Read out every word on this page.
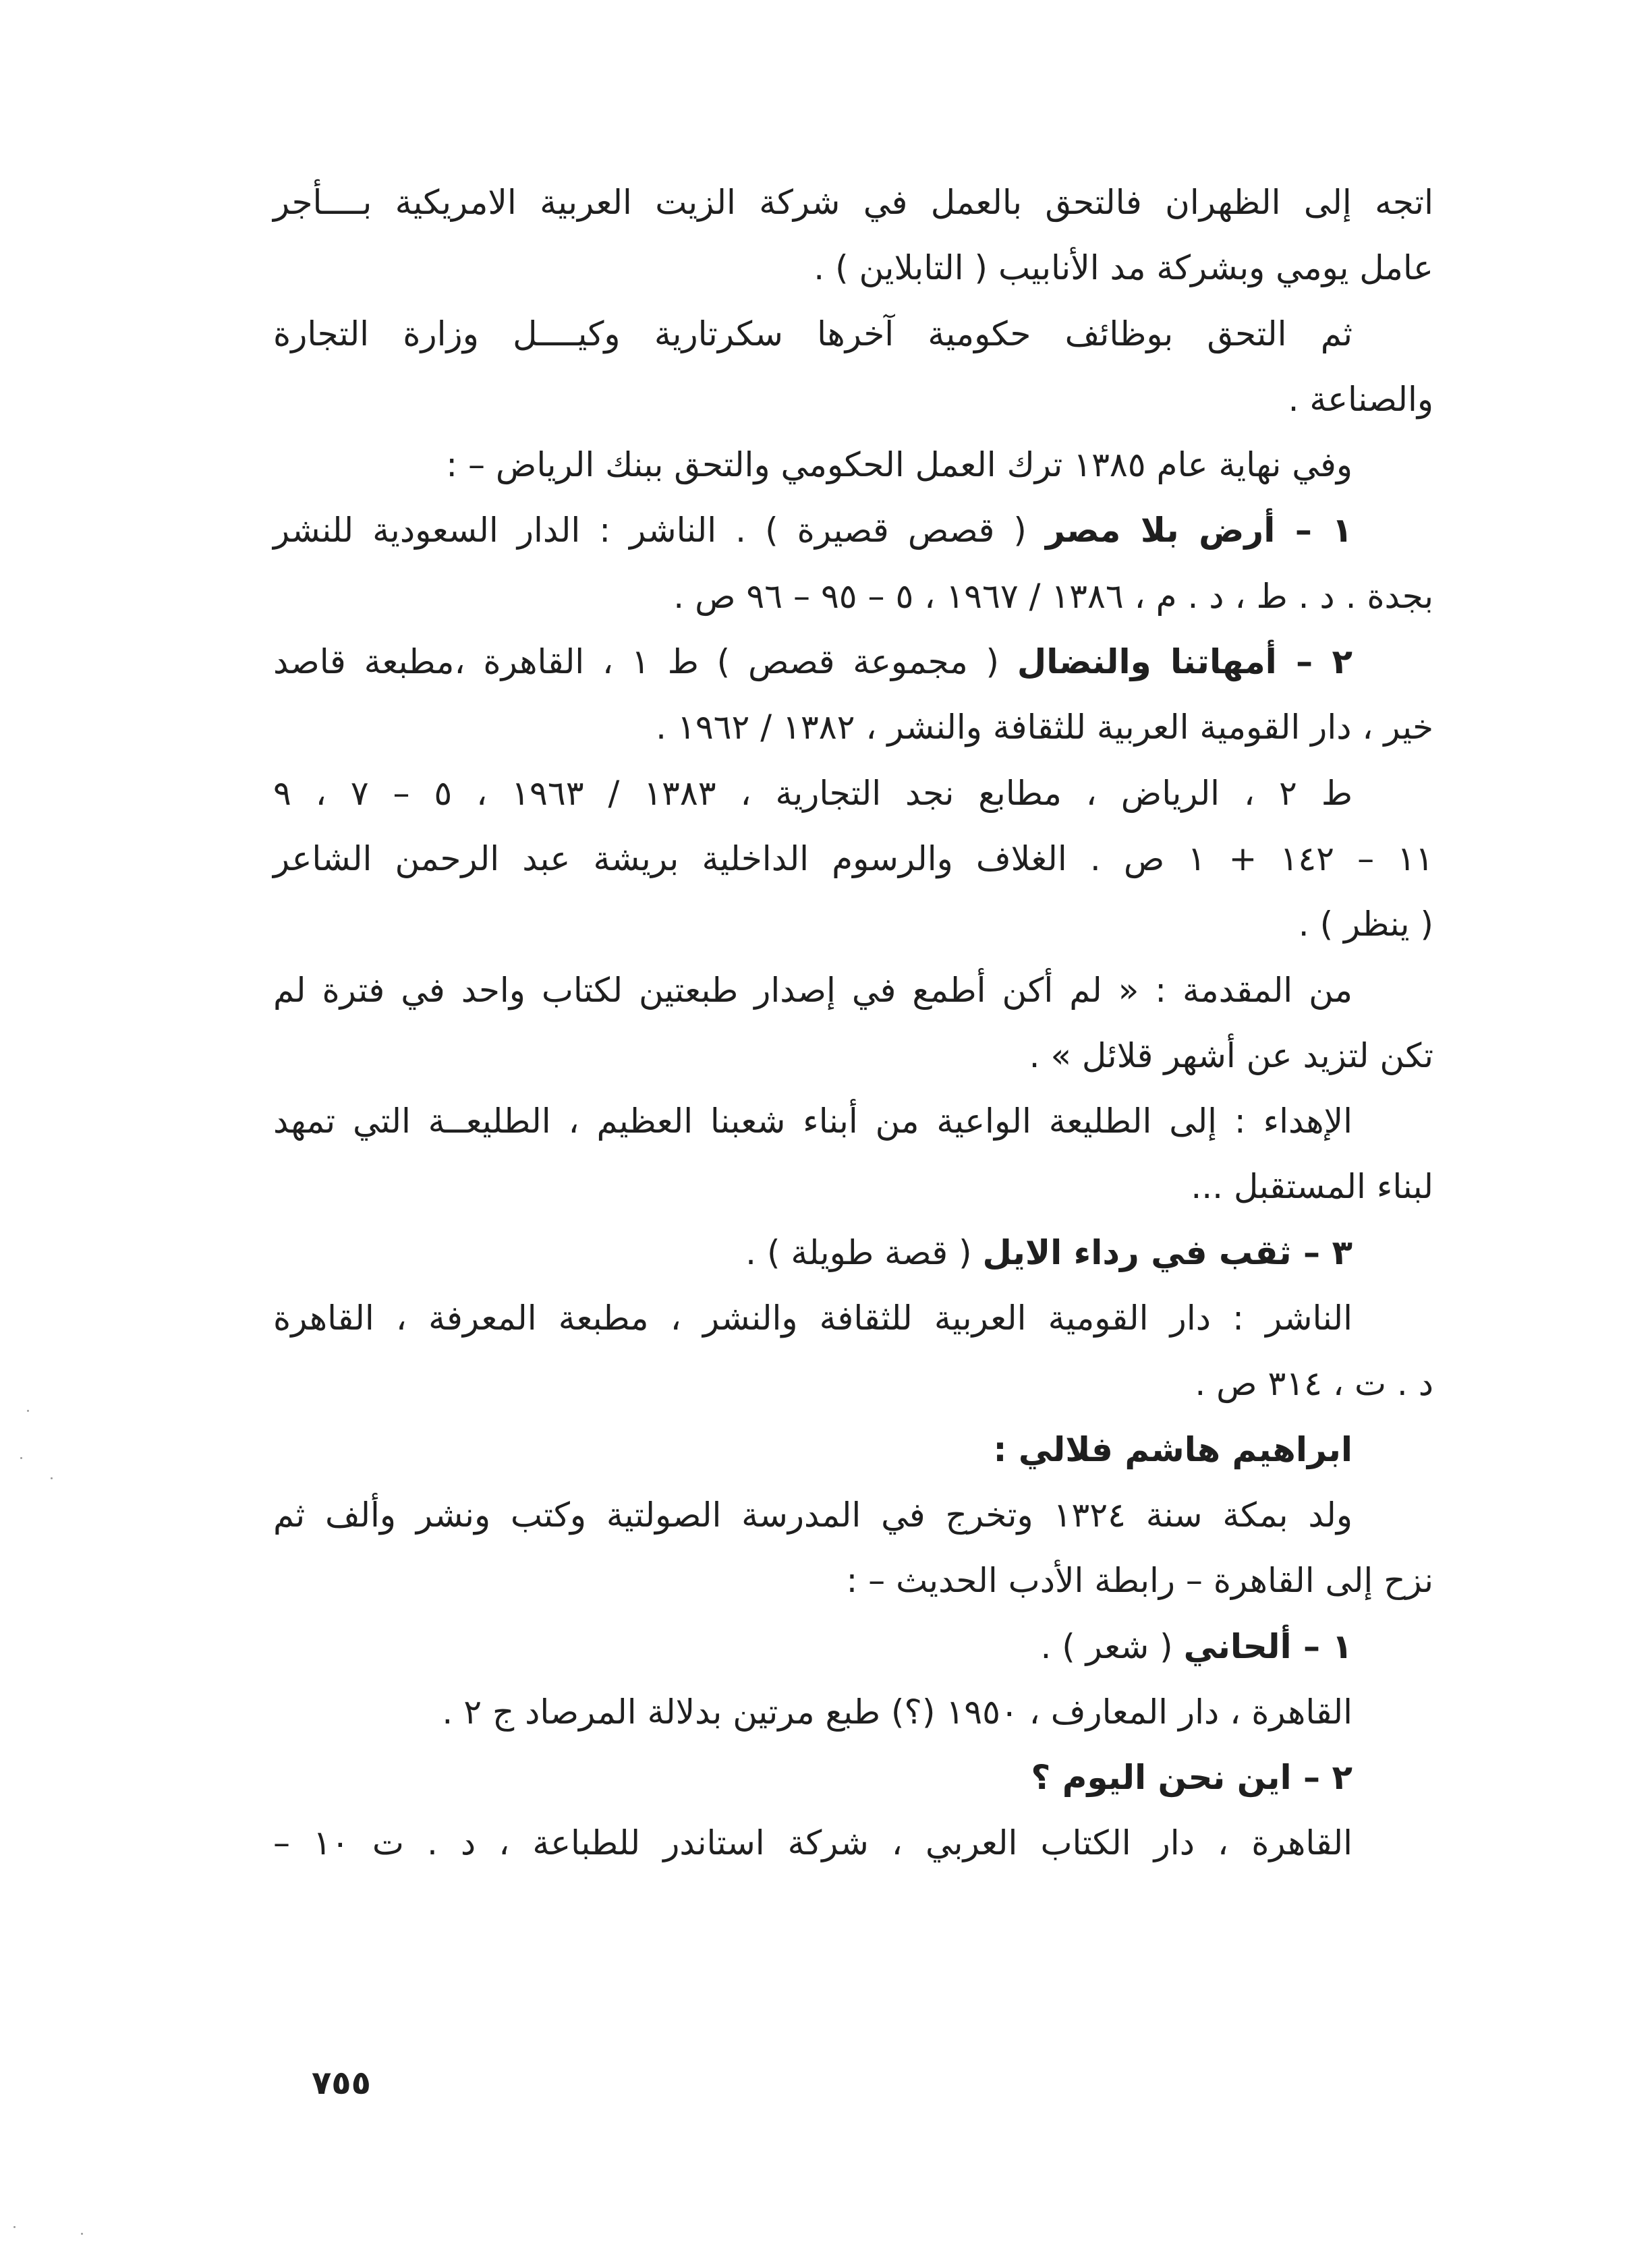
اتجه إلى الظهران فالتحق بالعمل في شركة الزيت العربية الامريكية بــــأجر
عامل يومي وبشركة مد الأنابيب ( التابلاين ) .
ثم التحق بوظائف حكومية آخرها سكرتارية وكيــــل وزارة التجارة
والصناعة .
وفي نهاية عام ١٣٨٥ ترك العمل الحكومي والتحق ببنك الرياض – :
١ – أرض بلا مصر ( قصص قصيرة ) . الناشر : الدار السعودية للنشر
بجدة . د . ط ، د . م ، ١٣٨٦ / ١٩٦٧ ، ٥ – ٩٥ – ٩٦ ص .
٢ – أمهاتنا والنضال ( مجموعة قصص ) ط ١ ، القاهرة ،مطبعة قاصد
خير ، دار القومية العربية للثقافة والنشر ، ١٣٨٢ / ١٩٦٢ .
ط ٢ ، الرياض ، مطابع نجد التجارية ، ١٣٨٣ / ١٩٦٣ ، ٥ – ٧ ، ٩
١١ – ١٤٢ + ١ ص . الغلاف والرسوم الداخلية بريشة عبد الرحمن الشاعر
( ينظر ) .
من المقدمة : « لم أكن أطمع في إصدار طبعتين لكتاب واحد في فترة لم
تكن لتزيد عن أشهر قلائل » .
الإهداء : إلى الطليعة الواعية من أبناء شعبنا العظيم ، الطليعــة التي تمهد
لبناء المستقبل ...
٣ – ثقب في رداء الايل ( قصة طويلة ) .
الناشر : دار القومية العربية للثقافة والنشر ، مطبعة المعرفة ، القاهرة
د . ت ، ٣١٤ ص .
ابراهيم هاشم فلالي :
ولد بمكة سنة ١٣٢٤ وتخرج في المدرسة الصولتية وكتب ونشر وألف ثم
نزح إلى القاهرة – رابطة الأدب الحديث – :
١ – ألحاني ( شعر ) .
القاهرة ، دار المعارف ، ١٩٥٠ (؟) طبع مرتين بدلالة المرصاد ج ٢ .
٢ – اين نحن اليوم ؟
القاهرة ، دار الكتاب العربي ، شركة استاندر للطباعة ، د . ت ١٠ –
٧٥٥
